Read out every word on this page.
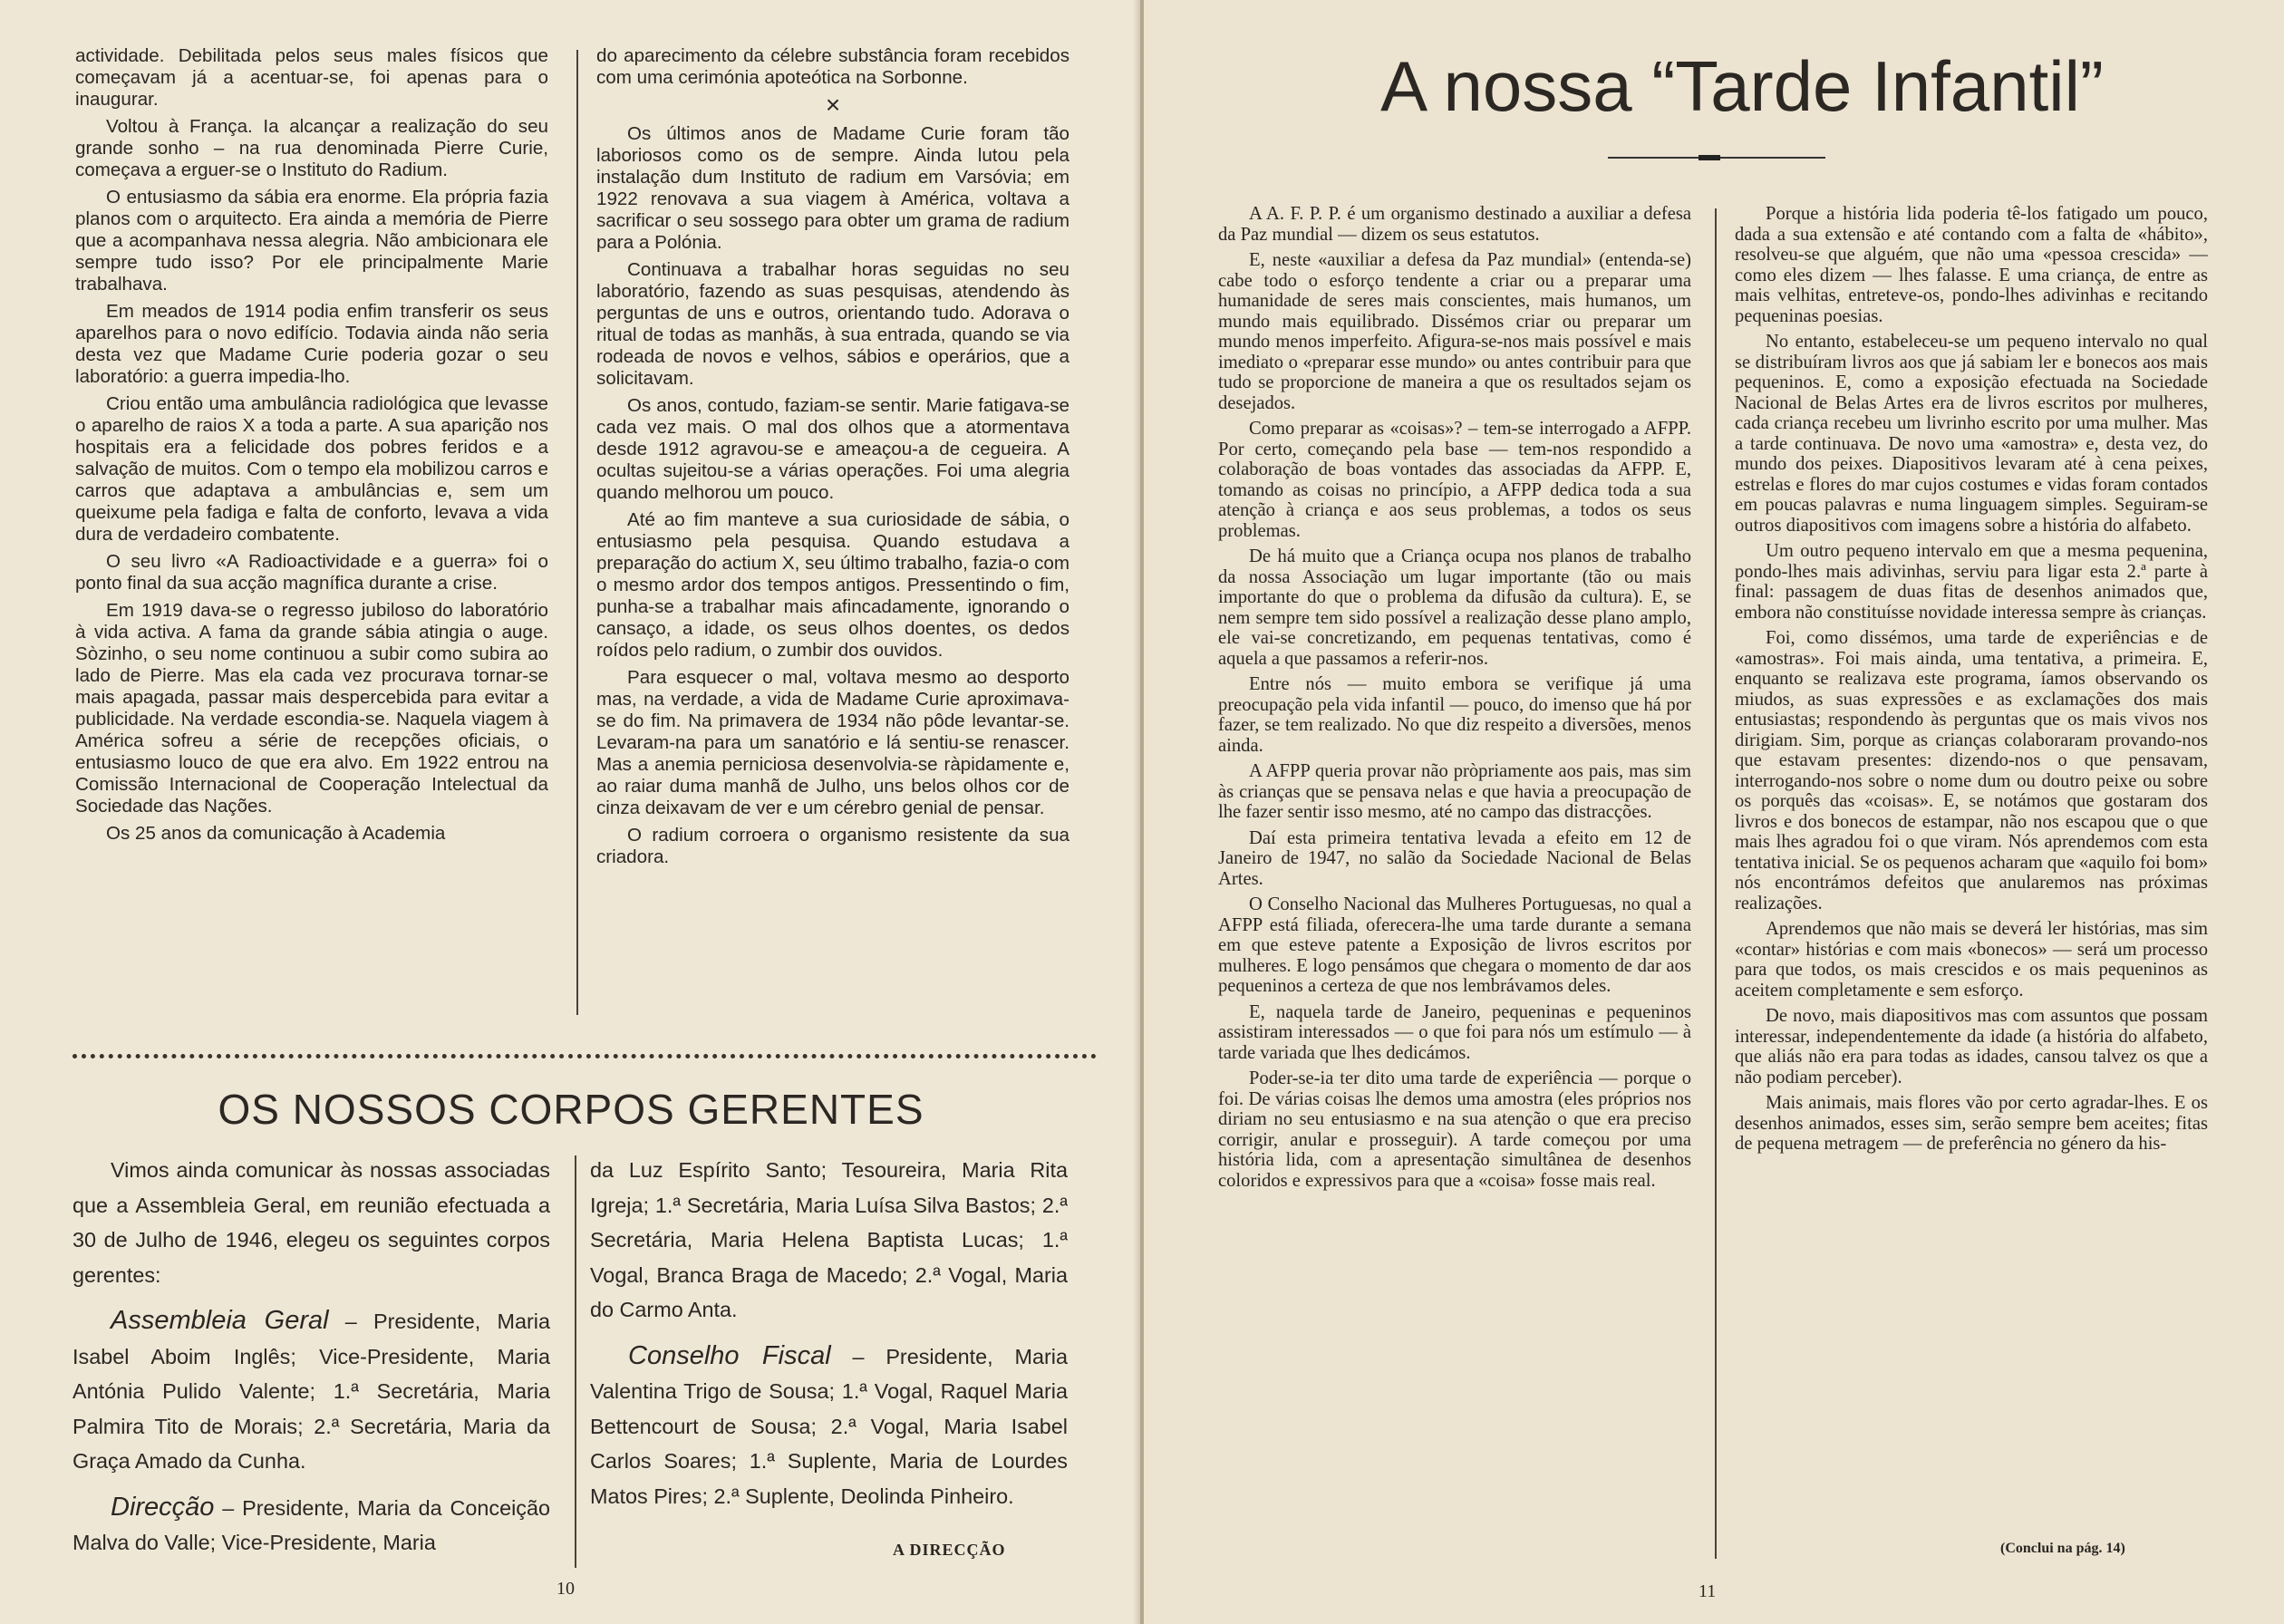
actividade. Debilitada pelos seus males físicos que começavam já a acentuar-se, foi apenas para o inaugurar.

Voltou à França. Ia alcançar a realização do seu grande sonho – na rua denominada Pierre Curie, começava a erguer-se o Instituto do Radium.

O entusiasmo da sábia era enorme. Ela própria fazia planos com o arquitecto. Era ainda a memória de Pierre que a acompanhava nessa alegria. Não ambicionara ele sempre tudo isso? Por ele principalmente Marie trabalhava.

Em meados de 1914 podia enfim transferir os seus aparelhos para o novo edifício. Todavia ainda não seria desta vez que Madame Curie poderia gozar o seu laboratório: a guerra impedia-lho.

Criou então uma ambulância radiológica que levasse o aparelho de raios X a toda a parte. A sua aparição nos hospitais era a felicidade dos pobres feridos e a salvação de muitos. Com o tempo ela mobilizou carros e carros que adaptava a ambulâncias e, sem um queixume pela fadiga e falta de conforto, levava a vida dura de verdadeiro combatente.

O seu livro «A Radioactividade e a guerra» foi o ponto final da sua acção magnífica durante a crise.

Em 1919 dava-se o regresso jubiloso do laboratório à vida activa. A fama da grande sábia atingia o auge. Sòzinho, o seu nome continuou a subir como subira ao lado de Pierre. Mas ela cada vez procurava tornar-se mais apagada, passar mais despercebida para evitar a publicidade. Na verdade escondia-se. Naquela viagem à América sofreu a série de recepções oficiais, o entusiasmo louco de que era alvo. Em 1922 entrou na Comissão Internacional de Cooperação Intelectual da Sociedade das Nações.

Os 25 anos da comunicação à Academia

do aparecimento da célebre substância foram recebidos com uma cerimónia apoteótica na Sorbonne.

×

Os últimos anos de Madame Curie foram tão laboriosos como os de sempre. Ainda lutou pela instalação dum Instituto de radium em Varsóvia; em 1922 renovava a sua viagem à América, voltava a sacrificar o seu sossego para obter um grama de radium para a Polónia.

Continuava a trabalhar horas seguidas no seu laboratório, fazendo as suas pesquisas, atendendo às perguntas de uns e outros, orientando tudo. Adorava o ritual de todas as manhãs, à sua entrada, quando se via rodeada de novos e velhos, sábios e operários, que a solicitavam.

Os anos, contudo, faziam-se sentir. Marie fatigava-se cada vez mais. O mal dos olhos que a atormentava desde 1912 agravou-se e ameaçou-a de cegueira. A ocultas sujeitou-se a várias operações. Foi uma alegria quando melhorou um pouco.

Até ao fim manteve a sua curiosidade de sábia, o entusiasmo pela pesquisa. Quando estudava a preparação do actium X, seu último trabalho, fazia-o com o mesmo ardor dos tempos antigos. Pressentindo o fim, punha-se a trabalhar mais afincadamente, ignorando o cansaço, a idade, os seus olhos doentes, os dedos roídos pelo radium, o zumbir dos ouvidos.

Para esquecer o mal, voltava mesmo ao desporto mas, na verdade, a vida de Madame Curie aproximava-se do fim. Na primavera de 1934 não pôde levantar-se. Levaram-na para um sanatório e lá sentiu-se renascer. Mas a anemia perniciosa desenvolvia-se ràpidamente e, ao raiar duma manhã de Julho, uns belos olhos cor de cinza deixavam de ver e um cérebro genial de pensar.

O radium corroera o organismo resistente da sua criadora.

OS NOSSOS CORPOS GERENTES

Vimos ainda comunicar às nossas associadas que a Assembleia Geral, em reunião efectuada a 30 de Julho de 1946, elegeu os seguintes corpos gerentes:

Assembleia Geral – Presidente, Maria Isabel Aboim Inglês; Vice-Presidente, Maria Antónia Pulido Valente; 1.ª Secretária, Maria Palmira Tito de Morais; 2.ª Secretária, Maria da Graça Amado da Cunha.

Direcção – Presidente, Maria da Conceição Malva do Valle; Vice-Presidente, Maria

da Luz Espírito Santo; Tesoureira, Maria Rita Igreja; 1.ª Secretária, Maria Luísa Silva Bastos; 2.ª Secretária, Maria Helena Baptista Lucas; 1.ª Vogal, Branca Braga de Macedo; 2.ª Vogal, Maria do Carmo Anta.

Conselho Fiscal – Presidente, Maria Valentina Trigo de Sousa; 1.ª Vogal, Raquel Maria Bettencourt de Sousa; 2.ª Vogal, Maria Isabel Carlos Soares; 1.ª Suplente, Maria de Lourdes Matos Pires; 2.ª Suplente, Deolinda Pinheiro.

A DIRECÇÃO
10
A nossa “Tarde Infantil”

A A. F. P. P. é um organismo destinado a auxiliar a defesa da Paz mundial — dizem os seus estatutos.

E, neste «auxiliar a defesa da Paz mundial» (entenda-se) cabe todo o esforço tendente a criar ou a preparar uma humanidade de seres mais conscientes, mais humanos, um mundo mais equilibrado. Dissémos criar ou preparar um mundo menos imperfeito. Afigura-se-nos mais possível e mais imediato o «preparar esse mundo» ou antes contribuir para que tudo se proporcione de maneira a que os resultados sejam os desejados.

Como preparar as «coisas»? – tem-se interrogado a AFPP. Por certo, começando pela base — tem-nos respondido a colaboração de boas vontades das associadas da AFPP. E, tomando as coisas no princípio, a AFPP dedica toda a sua atenção à criança e aos seus problemas, a todos os seus problemas.

De há muito que a Criança ocupa nos planos de trabalho da nossa Associação um lugar importante (tão ou mais importante do que o problema da difusão da cultura). E, se nem sempre tem sido possível a realização desse plano amplo, ele vai-se concretizando, em pequenas tentativas, como é aquela a que passamos a referir-nos.

Entre nós — muito embora se verifique já uma preocupação pela vida infantil — pouco, do imenso que há por fazer, se tem realizado. No que diz respeito a diversões, menos ainda.

A AFPP queria provar não pròpriamente aos pais, mas sim às crianças que se pensava nelas e que havia a preocupação de lhe fazer sentir isso mesmo, até no campo das distracções.

Daí esta primeira tentativa levada a efeito em 12 de Janeiro de 1947, no salão da Sociedade Nacional de Belas Artes.

O Conselho Nacional das Mulheres Portuguesas, no qual a AFPP está filiada, oferecera-lhe uma tarde durante a semana em que esteve patente a Exposição de livros escritos por mulheres. E logo pensámos que chegara o momento de dar aos pequeninos a certeza de que nos lembrávamos deles.

E, naquela tarde de Janeiro, pequeninas e pequeninos assistiram interessados — o que foi para nós um estímulo — à tarde variada que lhes dedicámos.

Poder-se-ia ter dito uma tarde de experiência — porque o foi. De várias coisas lhe demos uma amostra (eles próprios nos diriam no seu entusiasmo e na sua atenção o que era preciso corrigir, anular e prosseguir). A tarde começou por uma história lida, com a apresentação simultânea de desenhos coloridos e expressivos para que a «coisa» fosse mais real.

Porque a história lida poderia tê-los fatigado um pouco, dada a sua extensão e até contando com a falta de «hábito», resolveu-se que alguém, que não uma «pessoa crescida» — como eles dizem — lhes falasse. E uma criança, de entre as mais velhitas, entreteve-os, pondo-lhes adivinhas e recitando pequeninas poesias.

No entanto, estabeleceu-se um pequeno intervalo no qual se distribuíram livros aos que já sabiam ler e bonecos aos mais pequeninos. E, como a exposição efectuada na Sociedade Nacional de Belas Artes era de livros escritos por mulheres, cada criança recebeu um livrinho escrito por uma mulher. Mas a tarde continuava. De novo uma «amostra» e, desta vez, do mundo dos peixes. Diapositivos levaram até à cena peixes, estrelas e flores do mar cujos costumes e vidas foram contados em poucas palavras e numa linguagem simples. Seguiram-se outros diapositivos com imagens sobre a história do alfabeto.

Um outro pequeno intervalo em que a mesma pequenina, pondo-lhes mais adivinhas, serviu para ligar esta 2.ª parte à final: passagem de duas fitas de desenhos animados que, embora não constituísse novidade interessa sempre às crianças.

Foi, como dissémos, uma tarde de experiências e de «amostras». Foi mais ainda, uma tentativa, a primeira. E, enquanto se realizava este programa, íamos observando os miudos, as suas expressões e as exclamações dos mais entusiastas; respondendo às perguntas que os mais vivos nos dirigiam. Sim, porque as crianças colaboraram provando-nos que estavam presentes: dizendo-nos o que pensavam, interrogando-nos sobre o nome dum ou doutro peixe ou sobre os porquês das «coisas». E, se notámos que gostaram dos livros e dos bonecos de estampar, não nos escapou que o que mais lhes agradou foi o que viram. Nós aprendemos com esta tentativa inicial. Se os pequenos acharam que «aquilo foi bom» nós encontrámos defeitos que anularemos nas próximas realizações.

Aprendemos que não mais se deverá ler histórias, mas sim «contar» histórias e com mais «bonecos» — será um processo para que todos, os mais crescidos e os mais pequeninos as aceitem completamente e sem esforço.

De novo, mais diapositivos mas com assuntos que possam interessar, independentemente da idade (a história do alfabeto, que aliás não era para todas as idades, cansou talvez os que a não podiam perceber).

Mais animais, mais flores vão por certo agradar-lhes. E os desenhos animados, esses sim, serão sempre bem aceites; fitas de pequena metragem — de preferência no género da his-

(Conclui na pág. 14)
11
